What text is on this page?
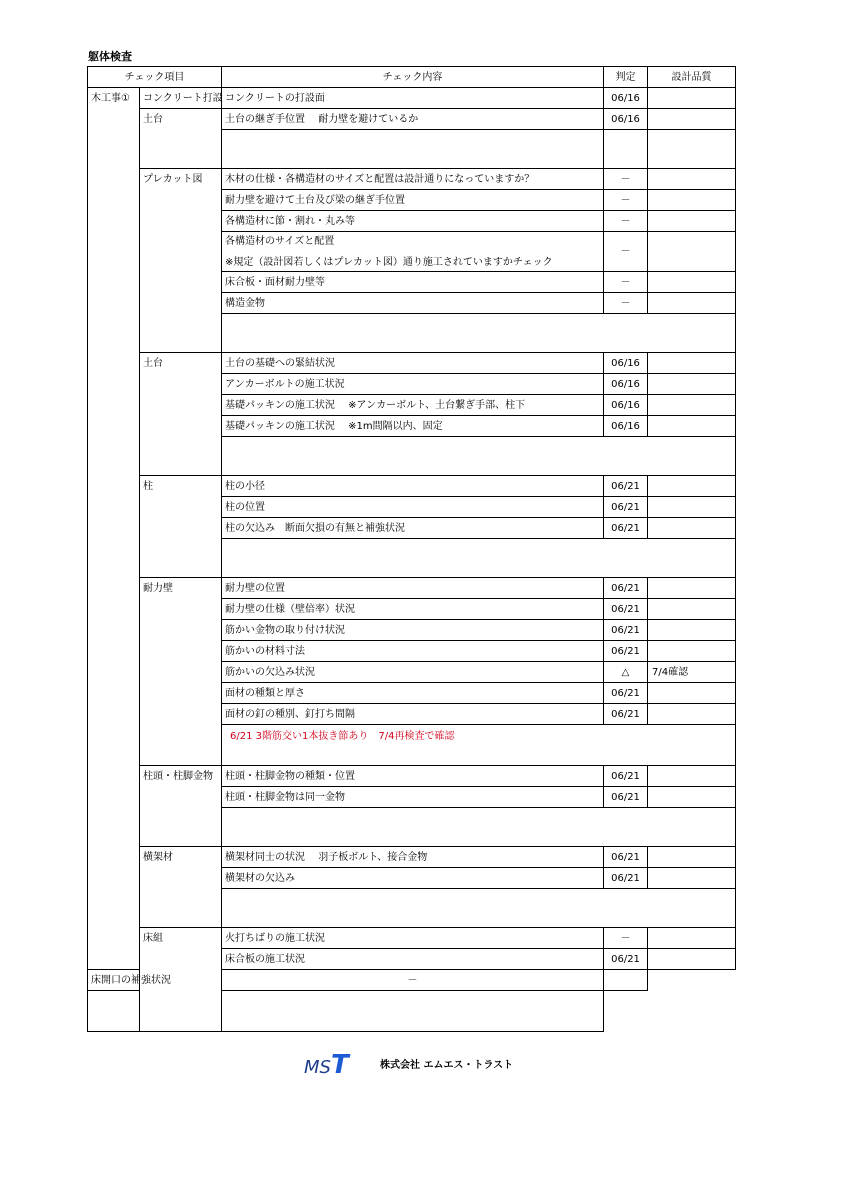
躯体検査
チェック項目		チェック内容	判定	設計品質
木工事①	コンクリート打設	コンクリートの打設面	06/16	
	土台	土台の継ぎ手位置　 耐力壁を避けているか	06/16	

	プレカット図	木材の仕様・各構造材のサイズと配置は設計通りになっていますか？	－	
		耐力壁を避けて土台及び梁の継ぎ手位置	－	
		各構造材に節・割れ・丸み等	－	

		各構造材のサイズと配置
※規定（設計図若しくはプレカット図）通り施工されていますかチェック	－	
		床合板・面材耐力壁等	－	
		構造金物	－	

	土台	土台の基礎への緊結状況	06/16	
		アンカーボルトの施工状況	06/16	
		基礎パッキンの施工状況　 ※アンカーボルト、土台繋ぎ手部、柱下	06/16	
		基礎パッキンの施工状況　 ※1m間隔以内、固定	06/16	

	柱	柱の小径	06/21	
		柱の位置	06/21	
		柱の欠込み　断面欠損の有無と補強状況	06/21	

	耐力壁	耐力壁の位置	06/21	
		耐力壁の仕様（壁倍率）状況	06/21	
		筋かい金物の取り付け状況	06/21	
		筋かいの材料寸法	06/21	
		筋かいの欠込み状況	△	7/4確認
		面材の種類と厚さ	06/21	
		面材の釘の種別、釘打ち間隔	06/21	
		6/21 3階筋交い1本抜き節あり　7/4再検査で確認		

	柱頭・柱脚金物	柱頭・柱脚金物の種類・位置	06/21	
		柱頭・柱脚金物は同一金物	06/21	

	横架材	横架材同士の状況　 羽子板ボルト、接合金物	06/21	
		横架材の欠込み	06/21	

	床組	火打ちばりの施工状況	－	
		床合板の施工状況	06/21	
床開口の補強状況		－		

MST	株式会社 エムエス・トラスト
